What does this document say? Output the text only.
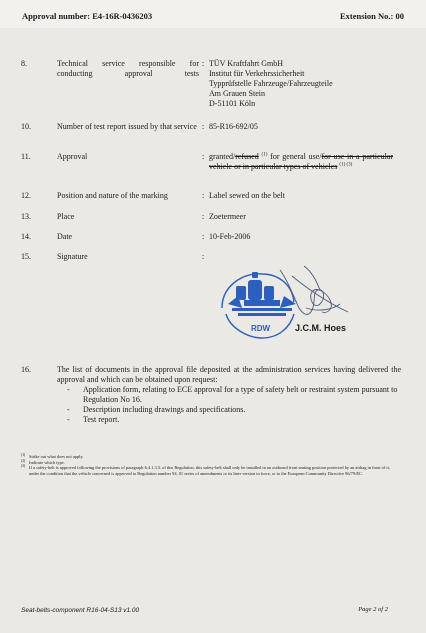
Approval number: E4-16R-0436203	Extension No.: 00
8.	Technical service responsible for conducting approval tests
: TÜV Kraftfahrt GmbH
Institut für Verkehrssicherheit
Typprüfstelle Fahrzeuge/Fahrzeugteile
Am Grauen Stein
D-51101 Köln
10.	Number of test report issued by that service : 85-R16-692/05
11.	Approval	: granted/refused $^{(1)}$ for general use/for use in a particular vehicle or in particular types of vehicles $^{(1) (3)}$
12.	Position and nature of the marking	: Label sewed on the belt
13.	Place	: Zoetermeer
14.	Date	: 10-Feb-2006
15.	Signature	:
RDW	J.C.M. Hoes
16.	The list of documents in the approval file deposited at the administration services having delivered the approval and which can be obtained upon request:
- Application form, relating to ECE approval for a type of safety belt or restraint system pursuant to Regulation No 16.
- Description including drawings and specifications.
- Test report.
(1) Strike out what does not apply.
(2) Indicate which type.
(3) If a safety-belt is approved following the provisions of paragraph 6.4.1.3.3. of this Regulation, this safety-belt shall only be installed in an outboard front seating position protected by an airbag in front of it, under the condition that the vehicle concerned is approved to Regulation number 94, 01 series of amendments or its later version in force, or to the European Community Directive 96/79/EC.
Seat-belts-component R16-04-S13 v1.00	Page 2 of 2
